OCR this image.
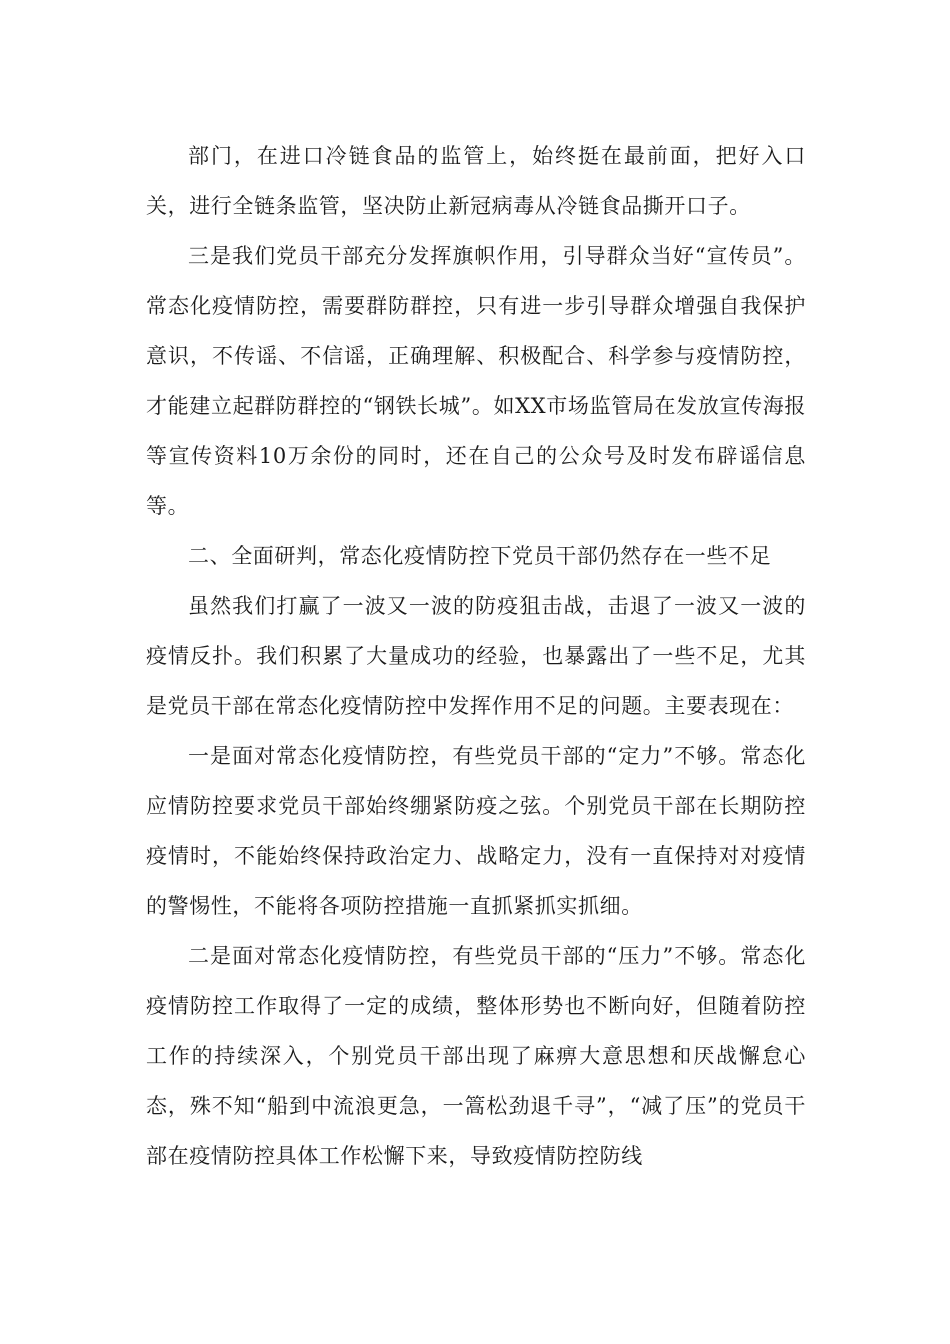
部门，在进口冷链食品的监管上，始终挺在最前面，把好入口关，进行全链条监管，坚决防止新冠病毒从冷链食品撕开口子。

三是我们党员干部充分发挥旗帜作用，引导群众当好“宣传员”。常态化疫情防控，需要群防群控，只有进一步引导群众增强自我保护意识，不传谣、不信谣，正确理解、积极配合、科学参与疫情防控，才能建立起群防群控的“钢铁长城”。如XX市场监管局在发放宣传海报等宣传资料10万余份的同时，还在自己的公众号及时发布辟谣信息等。

二、全面研判，常态化疫情防控下党员干部仍然存在一些不足

虽然我们打赢了一波又一波的防疫狙击战，击退了一波又一波的疫情反扑。我们积累了大量成功的经验，也暴露出了一些不足，尤其是党员干部在常态化疫情防控中发挥作用不足的问题。主要表现在：

一是面对常态化疫情防控，有些党员干部的“定力”不够。常态化应情防控要求党员干部始终绷紧防疫之弦。个别党员干部在长期防控疫情时，不能始终保持政治定力、战略定力，没有一直保持对对疫情的警惕性，不能将各项防控措施一直抓紧抓实抓细。

二是面对常态化疫情防控，有些党员干部的“压力”不够。常态化疫情防控工作取得了一定的成绩，整体形势也不断向好，但随着防控工作的持续深入，个别党员干部出现了麻痹大意思想和厌战懈怠心态，殊不知“船到中流浪更急，一篙松劲退千寻”，“减了压”的党员干部在疫情防控具体工作松懈下来，导致疫情防控防线
